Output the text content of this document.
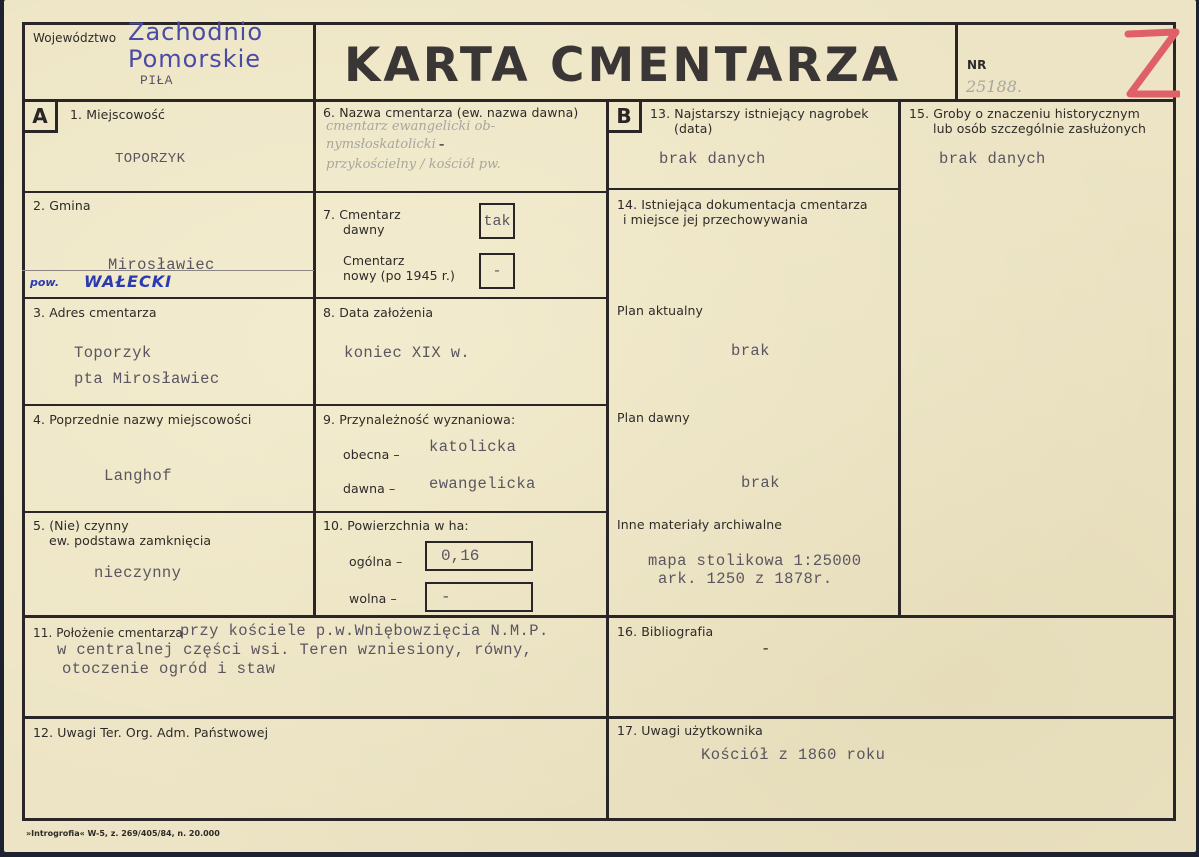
Województwo Zachodnio
Pomorskie
PIŁA	KARTA CMENTARZA	NR
25188.
A	1. Miejscowość
TOPORZYK
2. Gmina
Mirosławiec
pow. WAŁECKI
3. Adres cmentarza
Toporzyk
pta Mirosławiec
4. Poprzednie nazwy miejscowości
Langhof
5. (Nie) czynny
ew. podstawa zamknięcia
nieczynny
6. Nazwa cmentarza (ew. nazwa dawna)
cmentarz ewangelicki ob-
nymsłoskatolicki
przykościelny / kościół pw.
-
7. Cmentarz
dawny	tak
Cmentarz
nowy (po 1945 r.)	-
8. Data założenia
koniec XIX w.
9. Przynależność wyznaniowa:
obecna – katolicka
dawna – ewangelicka
10. Powierzchnia w ha:
ogólna –	0,16
wolna –	-
11. Położenie cmentarza
przy kościele p.w.Wniębowzięcia N.M.P.
w centralnej części wsi. Teren wzniesiony, równy,
otoczenie ogród i staw
12. Uwagi Ter. Org. Adm. Państwowej
B	13. Najstarszy istniejący nagrobek
(data)
brak danych
14. Istniejąca dokumentacja cmentarza
i miejsce jej przechowywania
Plan aktualny
brak
Plan dawny
brak
Inne materiały archiwalne
mapa stolikowa 1:25000
ark. 1250 z 1878r.
15. Groby o znaczeniu historycznym
lub osób szczególnie zasłużonych
brak danych
16. Bibliografia
-
17. Uwagi użytkownika
Kościół z 1860 roku
»Introgrofia« W-5, z. 269/405/84, n. 20.000
